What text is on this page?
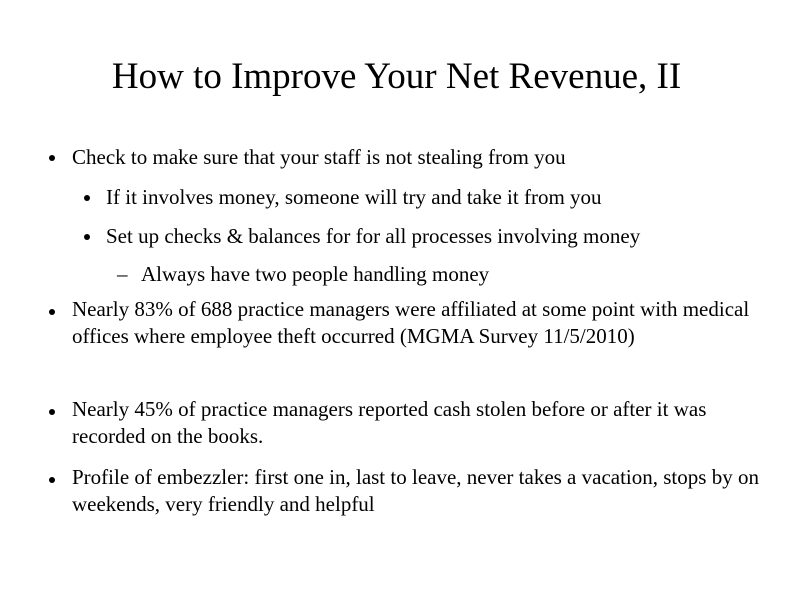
How to Improve Your Net Revenue, II
Check to make sure that your staff is not stealing from you
If it involves money, someone will try and take it from you
Set up checks & balances for for all processes involving money
– Always have two people handling money
Nearly 83% of 688 practice managers were affiliated at some point with medical offices where employee theft occurred (MGMA Survey 11/5/2010)
Nearly 45% of practice managers reported cash stolen before or after it was recorded on the books.
Profile of embezzler: first one in, last to leave, never takes a vacation, stops by on weekends, very friendly and helpful
